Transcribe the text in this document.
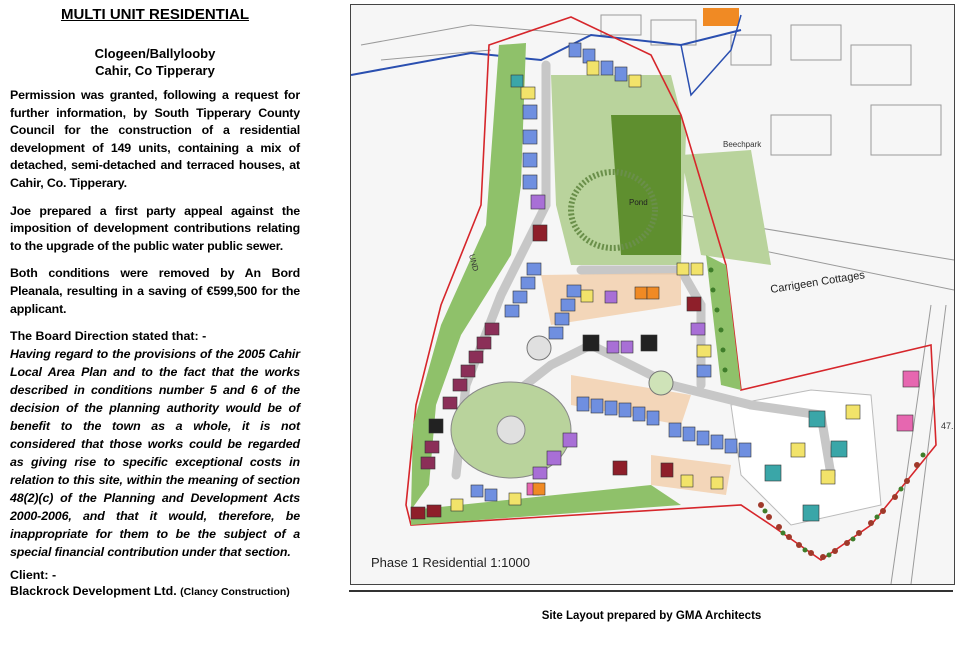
MULTI UNIT RESIDENTIAL
Clogeen/Ballylooby
Cahir, Co Tipperary

Permission was granted, following a request for further information, by South Tipperary County Council for the construction of a residential development of 149 units, containing a mix of detached, semi-detached and terraced houses, at Cahir, Co. Tipperary.

Joe prepared a first party appeal against the imposition of development contributions relating to the upgrade of the public water public sewer.

Both conditions were removed by An Bord Pleanala, resulting in a saving of €599,500 for the applicant.

The Board Direction stated that: -

Having regard to the provisions of the 2005 Cahir Local Area Plan and to the fact that the works described in conditions number 5 and 6 of the decision of the planning authority would be of benefit to the town as a whole, it is not considered that those works could be regarded as giving rise to specific exceptional costs in relation to this site, within the meaning of section 48(2)(c) of the Planning and Development Acts 2000-2006, and that it would, therefore, be inappropriate for them to be the subject of a special financial contribution under that section.

Client: -
Blackrock Development Ltd. (Clancy Construction)
Beechpark
Pond
Carrigeen Cottages
UND
47.
Phase 1 Residential 1:1000
Site Layout prepared by GMA Architects
